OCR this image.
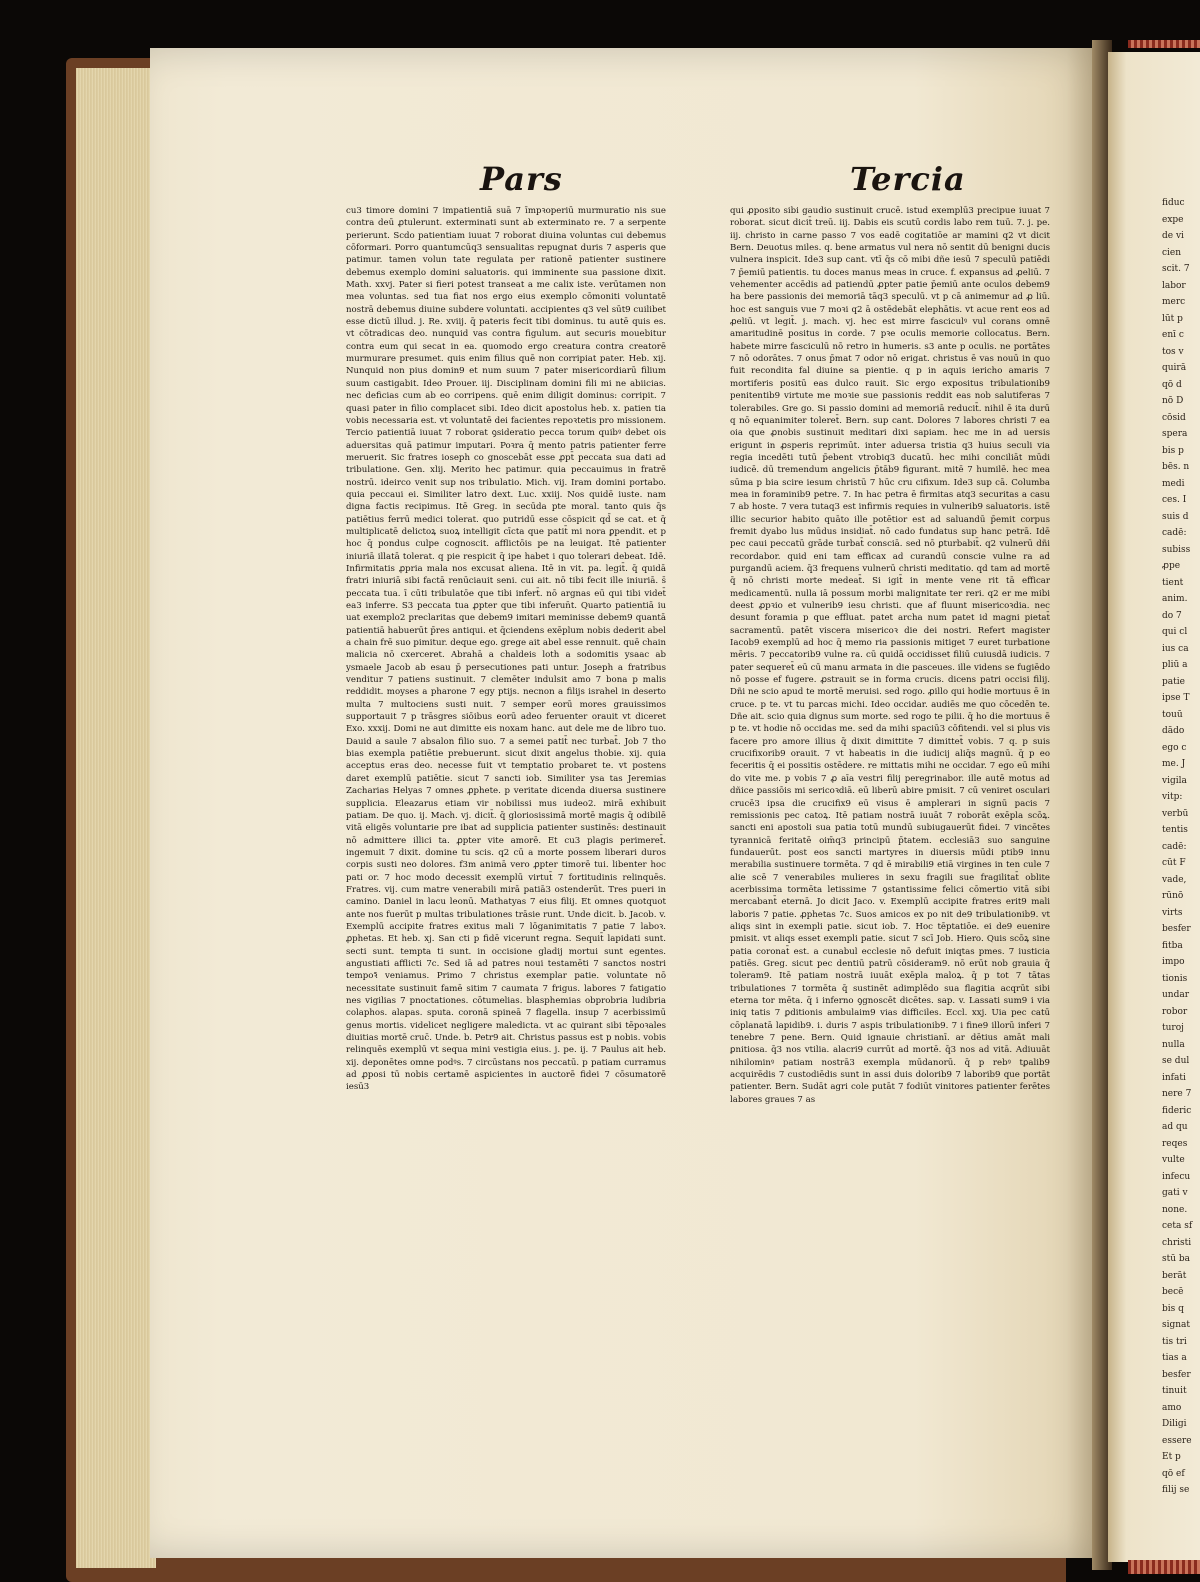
Pars	Tercia

cu3 timore domini 7 impatientiā suā 7 īmpꝛoperiū murmuratio nis sue contra deū ꝓtulerunt. exterminati sunt ab exterminato re. 7 a serpente perierunt. Scdo patientiam iuuat 7 roborat diuina voluntas cui debemus cōformari. Porro quantumcūq3 sensualitas repugnat duris 7 asperis que patimur. tamen volun tate regulata per rationē patienter sustinere debemus exemplo domini saluatoris. qui imminente sua passione dixit. Math. xxvj. Pater si fieri potest transeat a me calix iste. verūtamen non mea voluntas. sed tua fiat nos ergo eius exemplo cōmoniti voluntatē nostrā debemus diuine subdere voluntati. accipientes q3 vel sūt9 cuilibet esse dictū illud. j. Re. xviij. q̄ pateris fecit tibi dominus. tu autē quis es. vt cōtradicas deo. nunquid vas contra figulum. aut securis mouebitur contra eum qui secat in ea. quomodo ergo creatura contra creatorē murmurare presumet. quis enim filius quē non corripiat pater. Heb. xij. Nunquid non pius domin9 et num suum 7 pater misericordiarū filium suum castigabit. Ideo Prouer. iij. Disciplinam domini fili mi ne abiicias. nec deficias cum ab eo corripens. quē enim diligit dominus: corripit. 7 quasi pater in filio complacet sibi. Ideo dicit apostolus heb. x. patien tia vobis necessaria est. vt voluntatē dei facientes repoꝛtetis pro missionem. Tercio patientiā iuuat 7 roborat ꝯsideratio pecca torum quibꝰ debet ois aduersitas quā patimur imputari. Poꝛra q̄ mento patris patienter ferre meruerit. Sic fratres ioseph co gnoscebāt esse ꝓpt̄ peccata sua dati ad tribulatione. Gen. xlij. Merito hec patimur. quia peccauimus in fratrē nostrū. ideirco venit sup nos tribulatio. Mich. vij. Iram domini portabo. quia peccaui ei. Similiter latro dext. Luc. xxiij. Nos quidē iuste. nam digna factis recipimus. Itē Greg. in secūda pte moral. tanto quis q̄s patiētius ferrū medici tolerat. quo putridū esse cōspicit qd̄ se cat. et q̄ multiplicatē delictoꝝ suoꝝ intelligit cīcta que patit̄ mi nora ꝑpendit. et p hoc q̄ pondus culpe cognoscit. afflictōis pe na leuigat. Itē patienter iniuriā illatā tolerat. q pie respicit q̄ ipe habet i quo tolerari debeat. Idē. Infirmitatis ꝓpria mala nos excusat aliena. Itē in vit. pa. legit̄. q̄ quidā fratri iniuriā sibi factā renūciauit seni. cui ait. nō tibi fecit ille iniuriā. s̄ peccata tua. ī cūti tribulatōe que tibi infert̄. nō argnas eū qui tibi videt̄ ea3 inferre. S3 peccata tua ꝓpter que tibi inferun̄t. Quarto patientiā iu uat exemplo2 preclaritas que debem9 imitari meminisse debem9 quantā patientiā habuerūt p̄res antiqui. et q̄ciendens exēplum nobis dederit abel a chain frē suo pimitur. deque ego. grege ait abel esse rennuit. quē chain malicia nō cxerceret. Abrahā a chaldeis loth a sodomitis ysaac ab ysmaele Jacob ab esau p̄ persecutiones pati untur. Joseph a fratribus venditur 7 patiens sustinuit. 7 clemēter indulsit amo 7 bona p malis reddidit. moyses a pharone 7 egy ptijs. necnon a filijs israhel in deserto multa 7 multociens susti nuit. 7 semper eorū mores grauissimos supportauit 7 p trāsgres siōibus eorū adeo feruenter orauit vt diceret Exo. xxxij. Domi ne aut dimitte eis noxam hanc. aut dele me de libro tuo. Dauid a saule 7 absalon filio suo. 7 a semei patit̄ nec turbat̄. Job 7 tho bias exempla patiētie prebuerunt. sicut dixit angelus thobie. xij. quia acceptus eras deo. necesse fuit vt temptatio probaret te. vt postens daret exemplū patiētie. sicut 7 sancti iob. Similiter ysa tas Jeremias Zacharias Helyas 7 omnes ꝓphete. p veritate dicenda diuersa sustinere supplicia. Eleazarus etiam vir nobilissi mus iudeo2. mirā exhibuit patiam. De quo. ij. Mach. vj. dicit̄. q̄ gloriosissimā mortē magis q̄ odibilē vitā eligēs voluntarie pre ibat ad supplicia patienter sustinēs: destinauit nō admittere illici ta. ꝓpter vite amorē. Et cu3 plagis perimeret̄. ingemuit 7 dixit. domine tu scis. q2 cū a morte possem liberari duros corpis susti neo dolores. f3m animā vero ꝓpter timorē tui. libenter hoc pati or. 7 hoc modo decessit exemplū virtut̄ 7 fortitudinis relinquēs. Fratres. vij. cum matre venerabili mirā patiā3 ostenderūt. Tres pueri in camino. Daniel in lacu leonū. Mathatyas 7 eius filij. Et omnes quotquot ante nos fuerūt p multas tribulationes trāsie runt. Unde dicit. b. Jacob. v. Exemplū accipite fratres exitus mali 7 lōganimitatis 7 patie 7 laboꝛ. ꝓphetas. Et heb. xj. San cti p fidē vicerunt regna. Sequit̄ lapidati sunt. secti sunt. tempta ti sunt. in occisione gladij mortui sunt egentes. angustiati afflicti 7c. Sed iā ad patres noui testamēti 7 sanctos nostri tempoꝛ̄ veniamus. Primo 7 christus exemplar patie. voluntate nō necessitate sustinuit famē sitim 7 caumata 7 frigus. labores 7 fatigatio nes vigilias 7 pnoctationes. cōtumelias. blasphemias obprobria ludibria colaphos. alapas. sputa. coronā spineā 7 flagella. insup 7 acerbissimū genus mortis. videlicet negligere maledicta. vt ac quirant sibi tēpoꝛales diuitias mortē cruc̄. Unde. b. Petr9 ait. Christus passus est p nobis. vobis relinquēs exemplū vt sequa mini vestigia eius. j. pe. ij. 7 Paulus ait heb. xij. deponētes omne podꝰs. 7 circūstans nos peccatū. p patiam curramus ad ꝓposi tū nobis certamē aspicientes in auctorē fidei 7 cōsumatorē iesū3

qui ꝓposito sibi gaudio sustinuit crucē. istud exemplū3 precipue iuuat 7 roborat. sicut dicit̄ treū. iij. Dabis eis scutū cordis labo rem tuū. 7. j. pe. iij. christo in carne passo 7 vos eadē cogitatiōe ar mamini q2 vt dicit Bern. Deuotus miles. q. bene armatus vul nera nō sentit dū benigni ducis vulnera inspicit. Ide3 sup cant. vtī q̄s cō mibi dñe iesū 7 speculū patiēdi 7 p̄emiū patientis. tu doces manus meas in cruce. f. expansus ad ꝓeliū. 7 vehementer accēdis ad patiendū ꝓpter patie p̄emiū ante oculos debem9 ha bere passionis dei memoriā tāq3 speculū. vt p cā animemur ad ꝓ liū. hoc est sanguis vue 7 moꝛi q2 ā ostēdebāt elephātis. vt acue rent eos ad ꝓeliū. vt legit̄. j. mach. vj. hec est mirre fasciculꝰ vul corans omnē amaritudinē positus in corde. 7 pꝛe oculis memorie collocatus. Bern. habete mirre fasciculū nō retro in humeris. s3 ante p oculis. ne portātes 7 nō odorātes. 7 onus p̄mat 7 odor nō erigat. christus ē vas nouū in quo fuit recondita fal diuine sa pientie. q p in aquis iericho amaris 7 mortiferis positū eas dulco rauit. Sic ergo expositus tribulationib9 penitentib9 virtute me moꝛie sue passionis reddit eas nob salutiferas 7 tolerabiles. Gre go. Si passio domini ad memoriā reducit̄. nihil ē ita durū q nō equanimiter toleret̄. Bern. sup cant. Dolores 7 labores christi 7 ea oia que ꝓnobis sustinuit meditari dixi sapiam. hec me in ad uersis erigunt in ꝓsperis reprimūt. inter aduersa tristia q3 huius seculi via regia incedēti tutū p̄ebent vtrobiq3 ducatū. hec mihi conciliāt mūdi iudicē. dū tremendum angelicis p̄tāb9 figurant. mitē 7 humilē. hec mea sūma p bia scire iesum christū 7 hūc cru cifixum. Ide3 sup cā. Columba mea in foraminib9 petre. 7. In hac petra ē firmitas atq3 securitas a casu 7 ab hoste. 7 vera tutaq3 est infirmis requies in vulnerib9 saluatoris. istē illic securior habito quāto ille potētior est ad saluandū p̄emit corpus fremit dyabo lus mūdus insidiat̄. nō cado fundatus sup hanc petrā. Idē pec caui peccatū grāde turbat̄ consciā. sed nō ꝑturbabit̄. q2 vulnerū dñi recordabor. quid eni tam efficax ad curandū conscie vulne ra ad purgandū aciem. q̄3 frequens vulnerū christi meditatio. qd tam ad mortē q̄ nō christi morte medeat̄. Si igit̄ in mente vene rit tā efficar medicamentū. nulla iā possum morbi malignitate ter reri. q2 er me mibi deest ꝓpꝛio et vulnerib9 iesu christi. que af fluunt misericoꝛdia. nec desunt foramia p que effluat. patet archa num patet id magni pietat̄ sacramentū. patēt viscera misericoꝛ die dei nostri. Refert magister Iacob9 exemplū ad hoc q̄ memo ria passionis mitiget 7 euret turbatione mēris. 7 peccatorib9 vulne ra. cū quidā occidisset filiū cuiusdā iudicis. 7 pater sequeret̄ eū cū manu armata in die pasceues. ille videns se fugiēdo nō posse ef fugere. ꝓstrauit se in forma crucis. dicens patri occisi filij. Dñi ne scio apud te mortē meruisi. sed rogo. ꝓillo qui hodie mortuus ē in cruce. p te. vt tu parcas michi. Ideo occidar. audiēs me quo cōcedēn te. Dñe ait. scio quia dignus sum morte. sed rogo te pilii. q̄ ho die mortuus ē p te. vt hodie nō occidas me. sed da mihi spaciū3 cōfitendi. vel si plus vis facere pro amore illius q̄ dixit dimittite 7 dimittet̄ vobis. 7 q. p suis crucifixorib9 orauit. 7 vt habeatis in die iudicij aliq̄s magnū. q̄ p eo feceritis q̄ ei possitis ostēdere. re mittatis mihi ne occidar. 7 ego eū mihi do vite me. p vobis 7 ꝓ aīa vestri filij peregrinabor. ille autē motus ad dñice passiōis mi sericoꝛdiā. eū liberū abire pmisit. 7 cū veniret osculari crucē3 ipsa die crucifix9 eū visus ē amplerari in signū pacis 7 remissionis pec catoꝝ. Itē patiam nostrā iuuāt 7 roborāt exēpla scōꝝ. sancti eni apostoli sua patia totū mundū subiugauerūt fidei. 7 vincētes tyrannicā feritatē oim̄q3 principū p̄tatem. ecclesiā3 suo sanguine fundauerūt. post eos sancti martyres in diuersis mūdi ptib9 innu merabilia sustinuere tormēta. 7 qd ē mirabili9 etiā virgines in ten cule 7 alie scē 7 venerabiles mulieres in sexu fragili sue fragilitat̄ oblite acerbissima tormēta letissime 7 ꝯstantissime felici cōmertio vitā sibi mercabant̄ eternā. Jo dicit Jaco. v. Exemplū accipite fratres erit9 mali laboris 7 patie. ꝓphetas 7c. Suos amicos ex po nit de9 tribulationib9. vt aliqs sint in exempli patie. sicut iob. 7. Hoc tēptatiōe. ei de9 euenire pmisit. vt aliqs esset exempli patie. sicut 7 scī Job. Hiero. Quis scōꝝ sine patia coronat̄ est. a cunabul ecclesie nō defuit iniqtas pmes. 7 iusticia patiēs. Greg. sicut pec dentiū patrū cōsideram9. nō erūt nob grauia q̄ toleram9. Itē patiam nostrā iuuāt exēpla maloꝝ. q̄ p tot 7 tātas tribulationes 7 tormēta q̄ sustinēt adimplēdo sua flagitia acqrūt sibi eterna tor mēta. q̄ i inferno ꝯgnoscēt dicētes. sap. v. Lassati sum9 i via iniq tatis 7 ꝑditionis ambulaim9 vias difficiles. Eccl. xxj. Uia pec catū cōplanatā lapidib9. i. duris 7 aspis tribulationib9. 7 i fine9 illorū inferi 7 tenebre 7 pene. Bern. Quid ignauie christianī. ar dētius amāt mali ꝑnitiosa. q̄3 nos vtilia. alacri9 currūt ad mortē. q̄3 nos ad vitā. Adiuuāt nihilominꝰ patiam nostrā3 exempla mūdanorū. q̄ p rebꝰ tꝑalib9 acquirēdis 7 custodiēdis sunt in assi duis dolorib9 7 laborib9 que portāt patienter. Bern. Sudāt agri cole putāt 7 fodiūt vinitores patienter ferētes labores graues 7 as

fiduc
expe
de vi
cien
scit. 7
labor
merc
lūt p
enī c
tos v
quirā
qō d
nō D
cōsid
spera
bis p
bēs. n
medi
ces. I
suis d
cadē:
subiss
ꝓpe
tient
anim.
do 7
qui cl
ius ca
pliū a
patie
ipse T
touū
dādo
ego c
me. J
vigila
vitp:
verbū
tentis
cadē:
cūt F
vade,
rūnō
virts
besfer
fitba
impo
tionis
undar
robor
turoj
nulla
se dul
infati
nere 7
fideric
ad qu
reqes
vulte
infecu
gati v
none.
ceta sf
christi
stū ba
berāt
becē
bis q
signat
tis tri
tias a
besfer
tinuit
amo
Diligi
essere
Et p
qō ef
filij se
